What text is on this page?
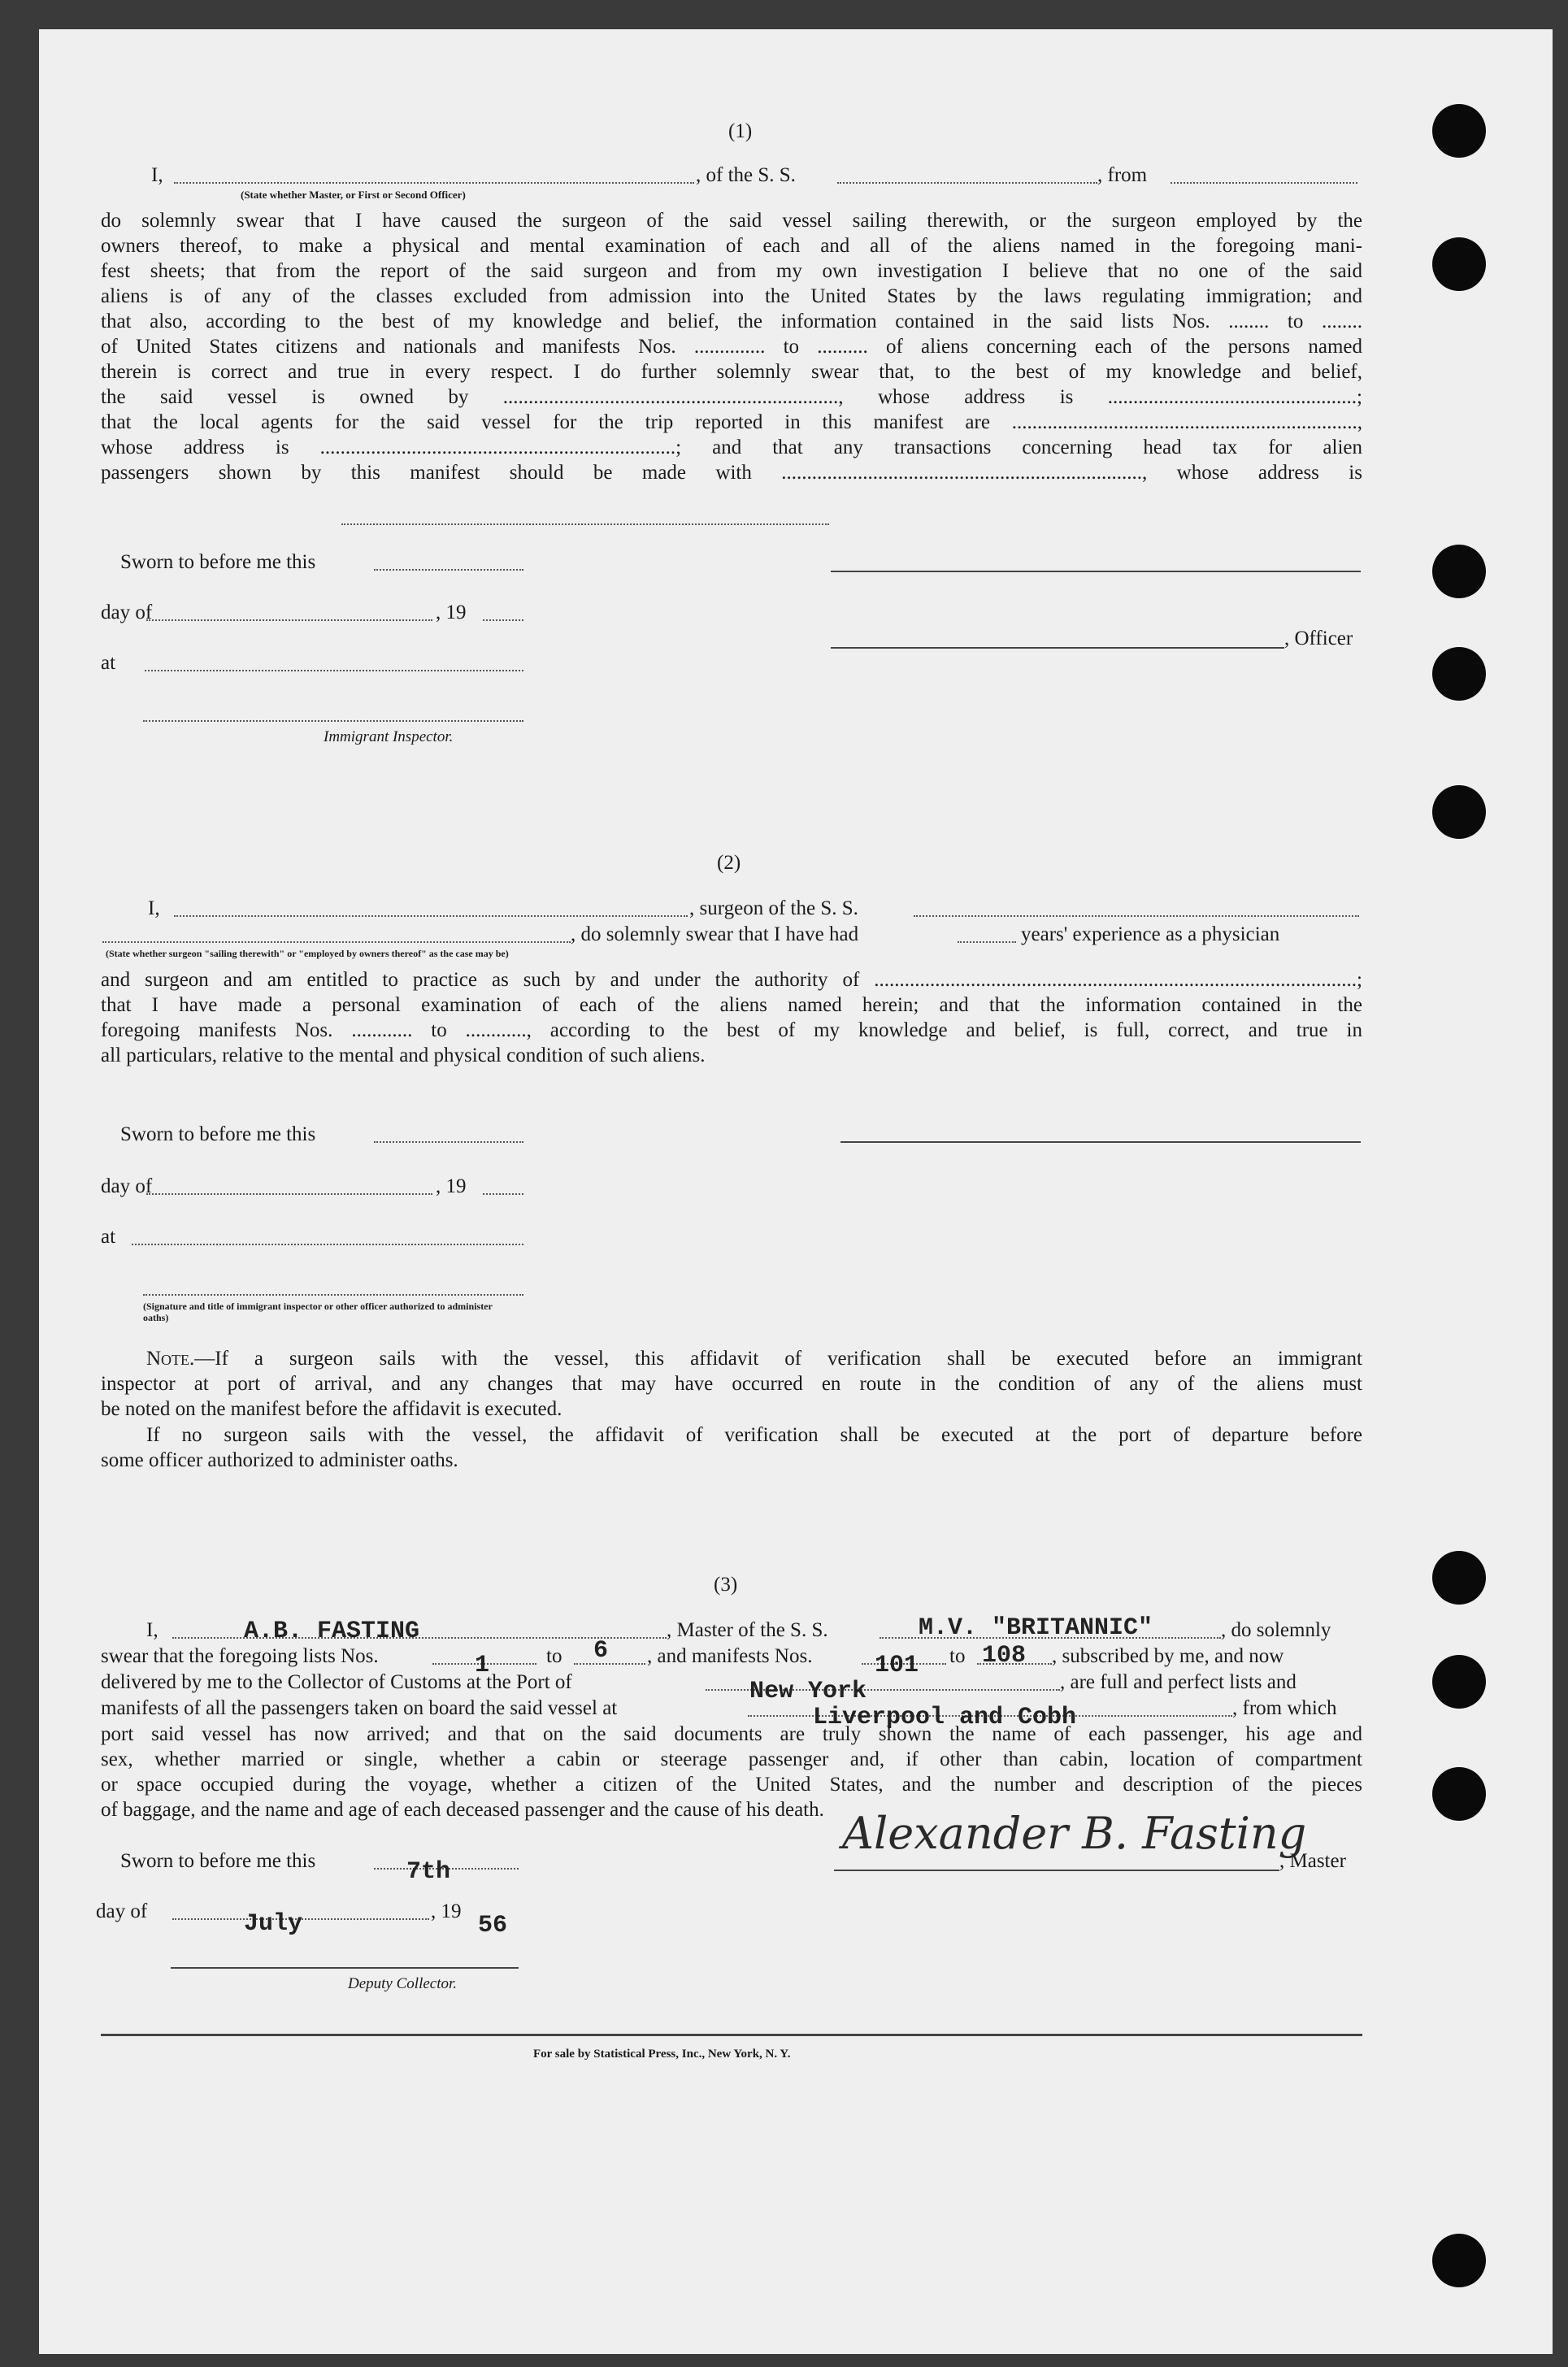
(1)
I,	, of the S. S.	, from
(State whether Master, or First or Second Officer)
do solemnly swear that I have caused the surgeon of the said vessel sailing therewith, or the surgeon employed by the
owners thereof, to make a physical and mental examination of each and all of the aliens named in the foregoing mani-
fest sheets; that from the report of the said surgeon and from my own investigation I believe that no one of the said
aliens is of any of the classes excluded from admission into the United States by the laws regulating immigration; and
that also, according to the best of my knowledge and belief, the information contained in the said lists Nos. ........ to ........
of United States citizens and nationals and manifests Nos. .............. to .......... of aliens concerning each of the persons named
therein is correct and true in every respect. I do further solemnly swear that, to the best of my knowledge and belief,
the said vessel is owned by .................................................................., whose address is .................................................;
that the local agents for the said vessel for the trip reported in this manifest are ....................................................................,
whose address is ......................................................................; and that any transactions concerning head tax for alien
passengers shown by this manifest should be made with ......................................................................., whose address is
Sworn to before me this
day of	, 19
, Officer
at
Immigrant Inspector.
(2)
I,	, surgeon of the S. S.
, do solemnly swear that I have had	years' experience as a physician
(State whether surgeon "sailing therewith" or "employed by owners thereof" as the case may be)
and surgeon and am entitled to practice as such by and under the authority of ...............................................................................................;
that I have made a personal examination of each of the aliens named herein; and that the information contained in the
foregoing manifests Nos. ............ to ............, according to the best of my knowledge and belief, is full, correct, and true in
all particulars, relative to the mental and physical condition of such aliens.
Sworn to before me this
day of	, 19
at
(Signature and title of immigrant inspector or other officer authorized to administer oaths)
Note.—If a surgeon sails with the vessel, this affidavit of verification shall be executed before an immigrant
inspector at port of arrival, and any changes that may have occurred en route in the condition of any of the aliens must
be noted on the manifest before the affidavit is executed.
If no surgeon sails with the vessel, the affidavit of verification shall be executed at the port of departure before
some officer authorized to administer oaths.
(3)
I,	A.B. FASTING	, Master of the S. S.	M.V. "BRITANNIC"	, do solemnly
swear that the foregoing lists Nos.	1	to 6 , and manifests Nos.	101 to 108 , subscribed by me, and now
delivered by me to the Collector of Customs at the Port of	New York	, are full and perfect lists and
manifests of all the passengers taken on board the said vessel at	Liverpool and Cobh	, from which
port said vessel has now arrived; and that on the said documents are truly shown the name of each passenger, his age and
sex, whether married or single, whether a cabin or steerage passenger and, if other than cabin, location of compartment
or space occupied during the voyage, whether a citizen of the United States, and the number and description of the pieces
of baggage, and the name and age of each deceased passenger and the cause of his death.
Sworn to before me this	7th
Alexander B. Fasting
, Master
day of	July	, 19
56
Deputy Collector.
For sale by Statistical Press, Inc., New York, N. Y.
